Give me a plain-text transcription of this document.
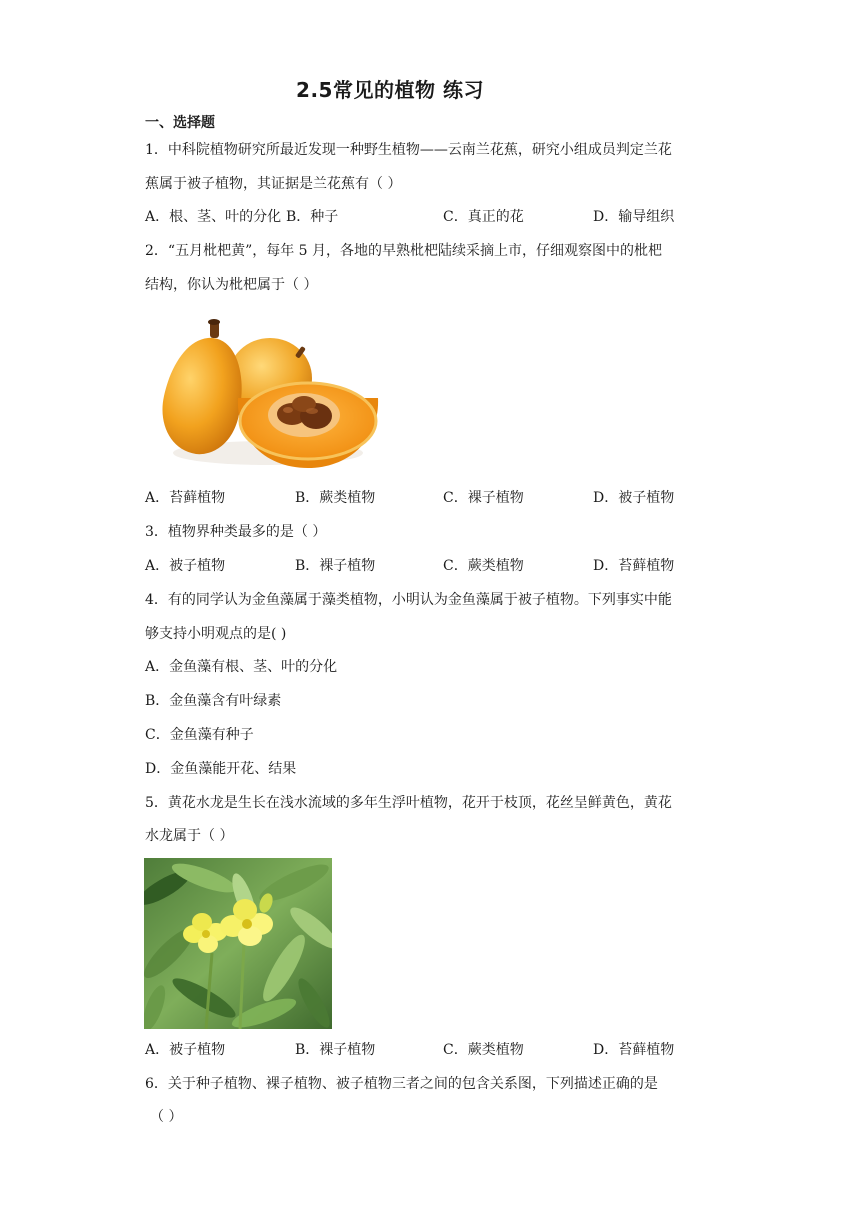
2.5常见的植物 练习
一、选择题
1．中科院植物研究所最近发现一种野生植物——云南兰花蕉，研究小组成员判定兰花
蕉属于被子植物，其证据是兰花蕉有（ ）
A．根、茎、叶的分化 B．种子	C．真正的花	D．输导组织
2．“五月枇杷黄”，每年 5 月，各地的早熟枇杷陆续采摘上市，仔细观察图中的枇杷
结构，你认为枇杷属于（ ）
A．苔藓植物	B．蕨类植物	C．裸子植物	D．被子植物
3．植物界种类最多的是（ ）
A．被子植物	B．裸子植物	C．蕨类植物	D．苔藓植物
4．有的同学认为金鱼藻属于藻类植物，小明认为金鱼藻属于被子植物。下列事实中能
够支持小明观点的是( )
A．金鱼藻有根、茎、叶的分化
B．金鱼藻含有叶绿素
C．金鱼藻有种子
D．金鱼藻能开花、结果
5．黄花水龙是生长在浅水流域的多年生浮叶植物，花开于枝顶，花丝呈鲜黄色，黄花
水龙属于（ ）
A．被子植物	B．裸子植物	C．蕨类植物	D．苔藓植物
6．关于种子植物、裸子植物、被子植物三者之间的包含关系图，下列描述正确的是
（ ）
